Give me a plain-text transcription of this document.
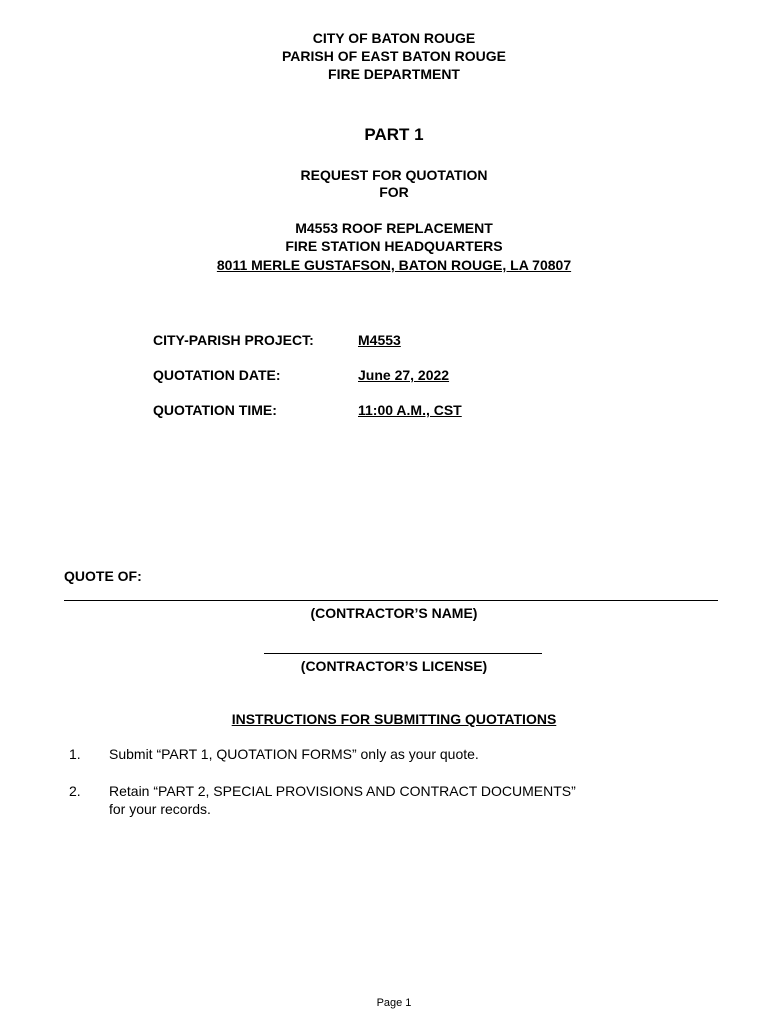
CITY OF BATON ROUGE
PARISH OF EAST BATON ROUGE
FIRE DEPARTMENT
PART 1
REQUEST FOR QUOTATION
FOR
M4553 ROOF REPLACEMENT
FIRE STATION HEADQUARTERS
8011 MERLE GUSTAFSON, BATON ROUGE, LA 70807
CITY-PARISH PROJECT:	M4553
QUOTATION DATE:	June 27, 2022
QUOTATION TIME:	11:00 A.M., CST
QUOTE OF:
(CONTRACTOR’S NAME)
(CONTRACTOR’S LICENSE)
INSTRUCTIONS FOR SUBMITTING QUOTATIONS
1. Submit “PART 1, QUOTATION FORMS” only as your quote.
2. Retain “PART 2, SPECIAL PROVISIONS AND CONTRACT DOCUMENTS”
for your records.
Page 1
